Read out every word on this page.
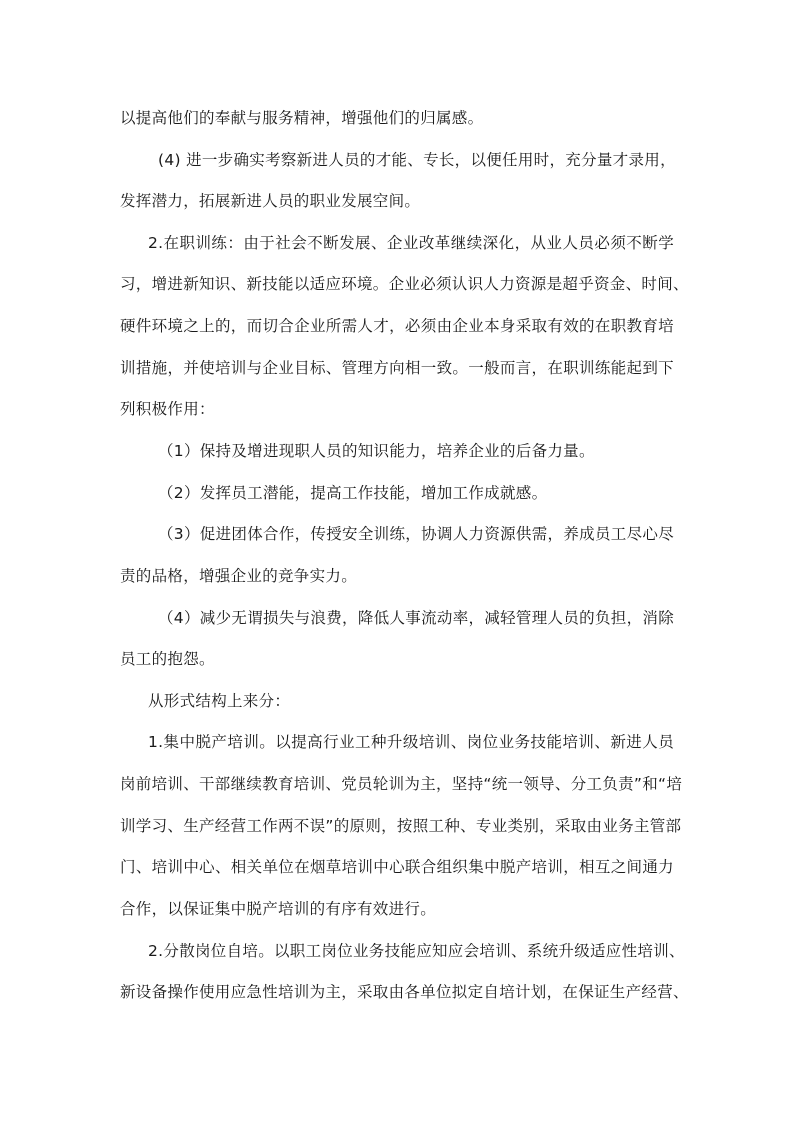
以提高他们的奉献与服务精神，增强他们的归属感。
(4) 进一步确实考察新进人员的才能、专长，以便任用时，充分量才录用，
发挥潜力，拓展新进人员的职业发展空间。
2.在职训练：由于社会不断发展、企业改革继续深化，从业人员必须不断学
习，增进新知识、新技能以适应环境。企业必须认识人力资源是超乎资金、时间、
硬件环境之上的，而切合企业所需人才，必须由企业本身采取有效的在职教育培
训措施，并使培训与企业目标、管理方向相一致。一般而言，在职训练能起到下
列积极作用：
（1）保持及增进现职人员的知识能力，培养企业的后备力量。
（2）发挥员工潜能，提高工作技能，增加工作成就感。
（3）促进团体合作，传授安全训练，协调人力资源供需，养成员工尽心尽
责的品格，增强企业的竞争实力。
（4）减少无谓损失与浪费，降低人事流动率，减轻管理人员的负担，消除
员工的抱怨。
从形式结构上来分：
1.集中脱产培训。以提高行业工种升级培训、岗位业务技能培训、新进人员
岗前培训、干部继续教育培训、党员轮训为主，坚持“统一领导、分工负责”和“培
训学习、生产经营工作两不误”的原则，按照工种、专业类别，采取由业务主管部
门、培训中心、相关单位在烟草培训中心联合组织集中脱产培训，相互之间通力
合作，以保证集中脱产培训的有序有效进行。
2.分散岗位自培。以职工岗位业务技能应知应会培训、系统升级适应性培训、
新设备操作使用应急性培训为主，采取由各单位拟定自培计划，在保证生产经营、
